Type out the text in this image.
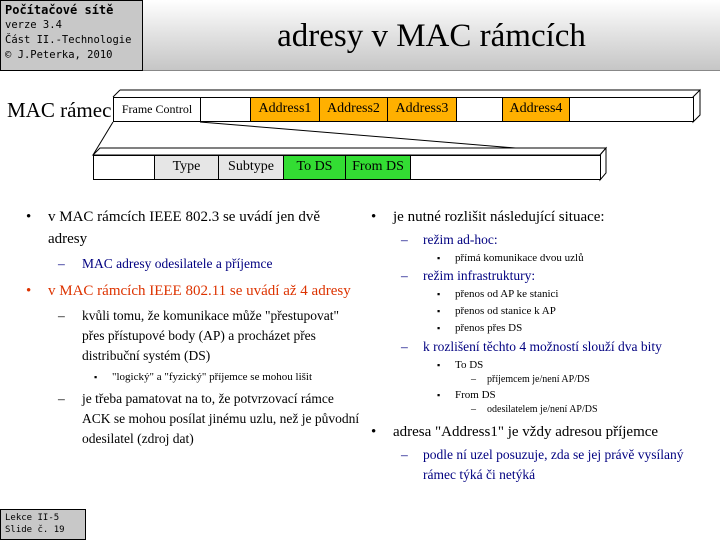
Počítačové sítě
verze 3.4
Část II.-Technologie
© J.Peterka, 2010
adresy v MAC rámcích
MAC rámec Frame Control	Address1	Address2	Address3	Address4
Type	Subtype	To DS	From DS
• v MAC rámcích IEEE 802.3 se uvádí jen dvě adresy
– MAC adresy odesilatele a příjemce
• v MAC rámcích IEEE 802.11 se uvádí až 4 adresy
– kvůli tomu, že komunikace může "přestupovat" přes přístupové body (AP) a procházet přes distribuční systém (DS)
▪ "logický" a "fyzický" příjemce se mohou lišit
– je třeba pamatovat na to, že potvrzovací rámce ACK se mohou posílat jinému uzlu, než je původní odesilatel (zdroj dat)
• je nutné rozlišit následující situace:
– režim ad-hoc:
▪ přímá komunikace dvou uzlů
– režim infrastruktury:
▪ přenos od AP ke stanici
▪ přenos od stanice k AP
▪ přenos přes DS
– k rozlišení těchto 4 možností slouží dva bity
▪ To DS
– příjemcem je/není AP/DS
▪ From DS
– odesilatelem je/není AP/DS
• adresa "Address1" je vždy adresou příjemce
– podle ní uzel posuzuje, zda se jej právě vysílaný rámec týká či netýká
Lekce II-5
Slide č. 19
